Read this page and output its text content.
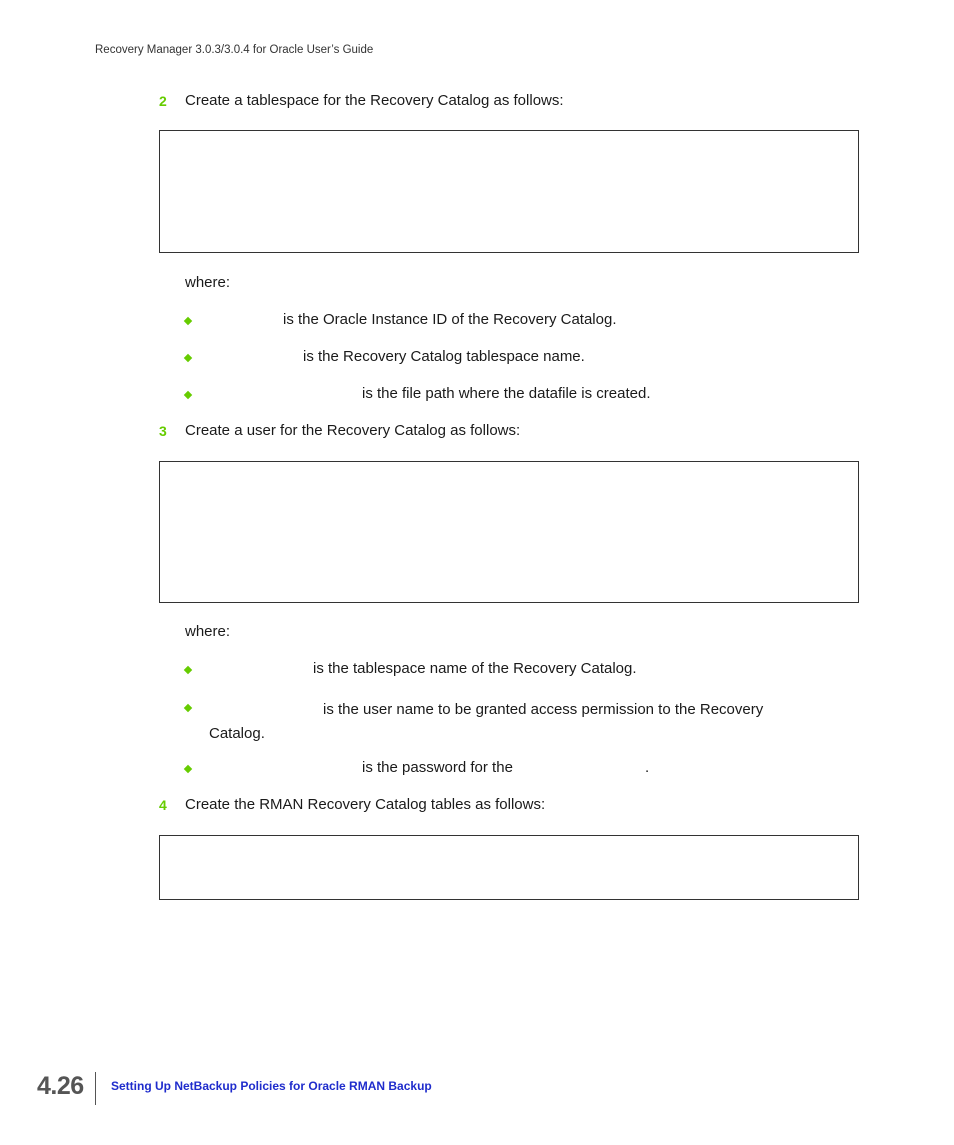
Recovery Manager 3.0.3/3.0.4 for Oracle User’s Guide
2 Create a tablespace for the Recovery Catalog as follows:
where:
is the Oracle Instance ID of the Recovery Catalog.
is the Recovery Catalog tablespace name.
is the file path where the datafile is created.
3 Create a user for the Recovery Catalog as follows:
where:
is the tablespace name of the Recovery Catalog.
is the user name to be granted access permission to the Recovery Catalog.
is the password for the	.
4 Create the RMAN Recovery Catalog tables as follows:
4.26 Setting Up NetBackup Policies for Oracle RMAN Backup
